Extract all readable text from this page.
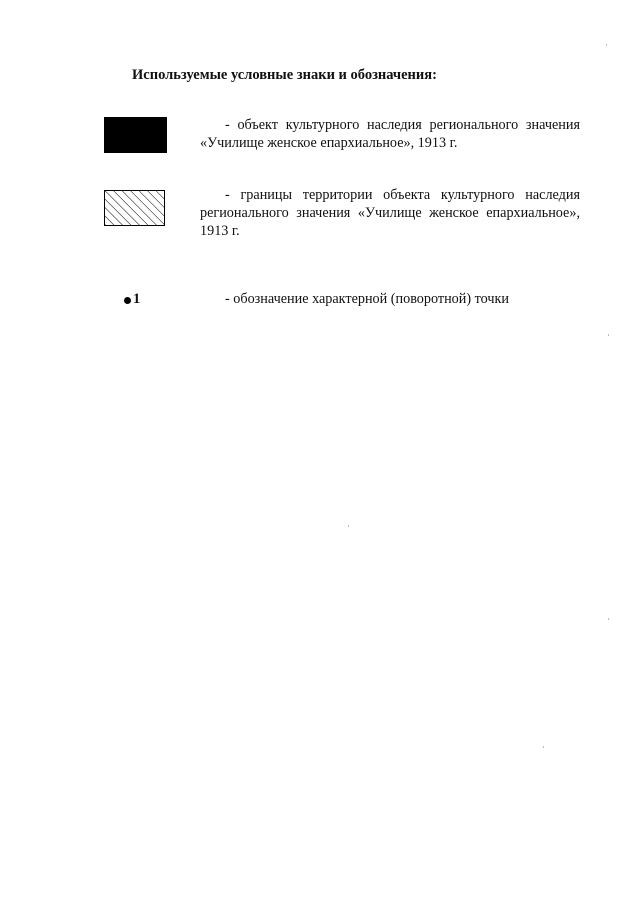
Используемые условные знаки и обозначения:
- объект культурного наследия регионального значения «Училище женское епархиальное», 1913 г.
- границы территории объекта культурного наследия регионального значения «Училище женское епархиальное», 1913 г.
1	- обозначение характерной (поворотной) точки
